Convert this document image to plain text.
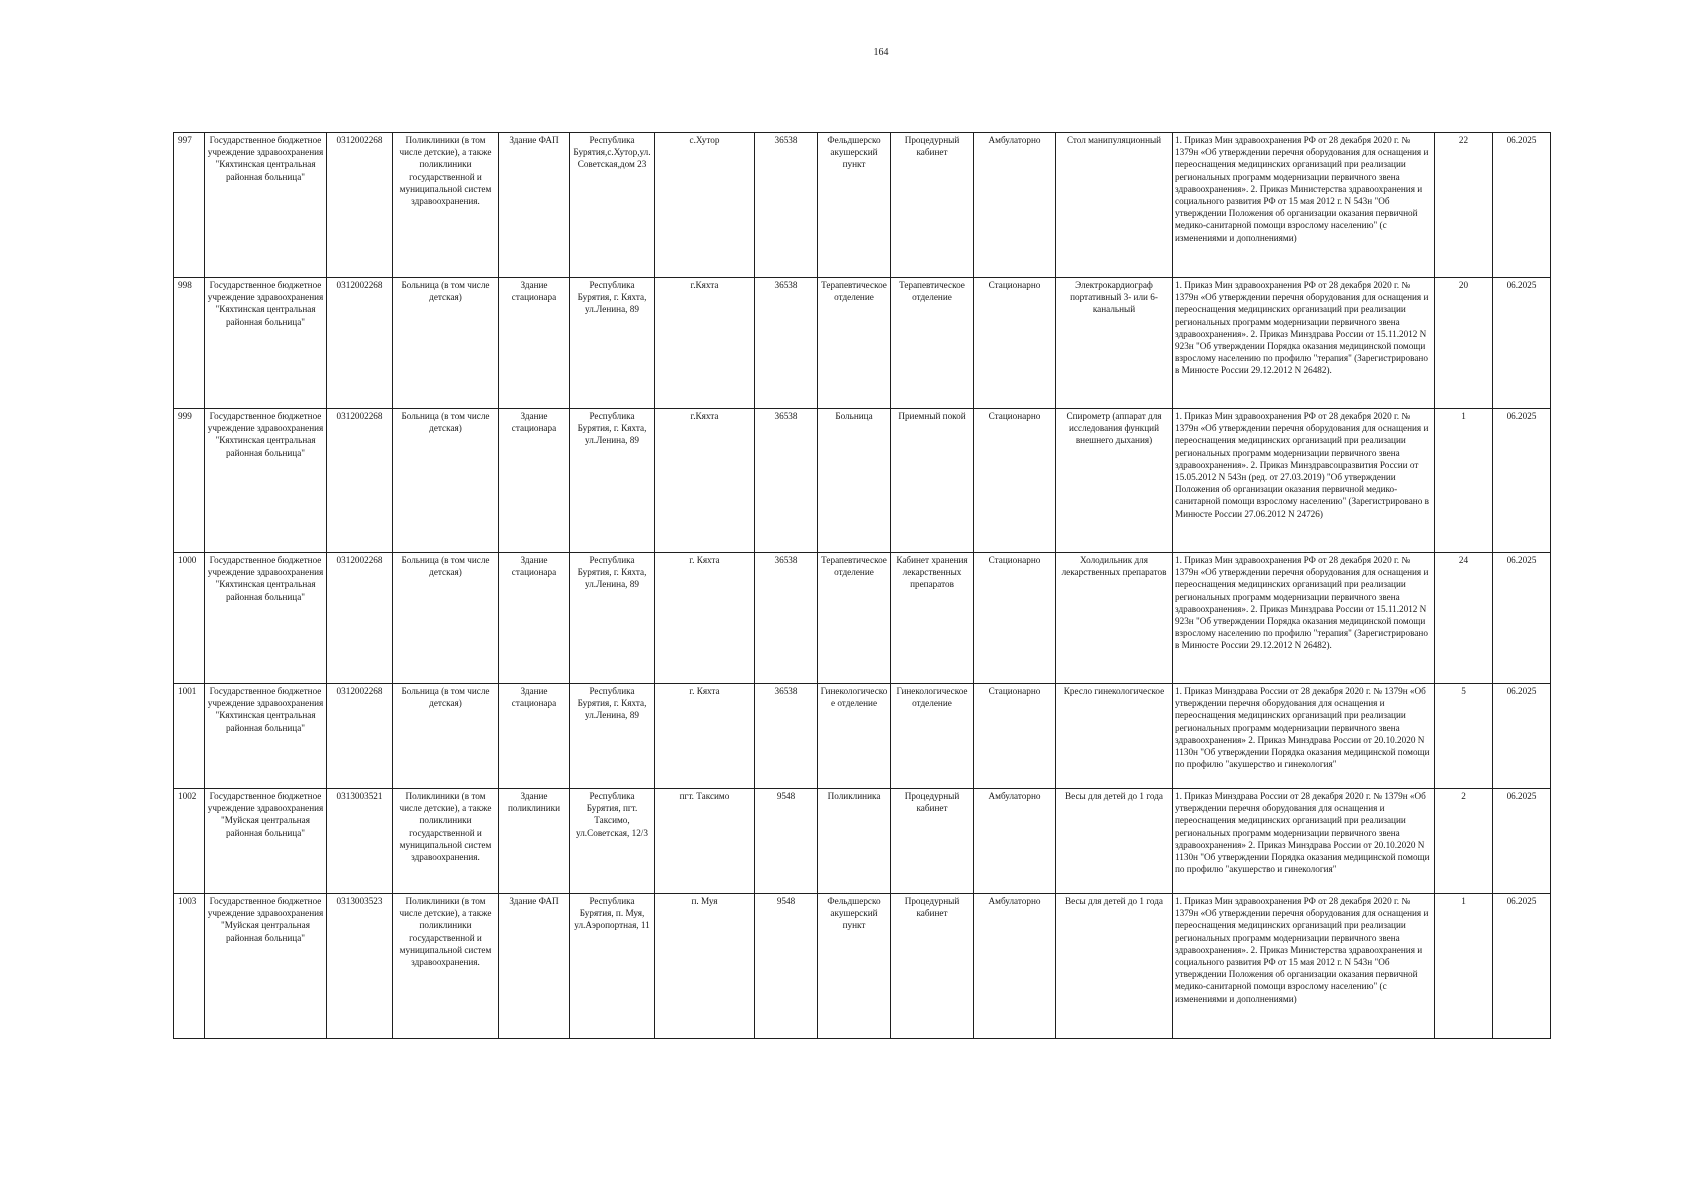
164
997	Государственное бюджетное учреждение здравоохранения "Кяхтинская центральная районная больница"	0312002268	Поликлиники (в том числе детские), а также поликлиники государственной и муниципальной систем здравоохранения.	Здание ФАП	Республика Бурятия,с.Хутор,ул.Советская,дом 23	с.Хутор	36538	Фельдшерско акушерский пункт	Процедурный кабинет	Амбулаторно	Стол манипуляционный	1. Приказ Мин здравоохранения РФ от 28 декабря 2020 г. № 1379н «Об утверждении перечня оборудования для оснащения и переоснащения медицинских организаций при реализации региональных программ модернизации первичного звена здравоохранения». 2. Приказ Министерства здравоохранения и социального развития РФ от 15 мая 2012 г. N 543н "Об утверждении Положения об организации оказания первичной медико-санитарной помощи взрослому населению" (с изменениями и дополнениями)	22	06.2025
998	Государственное бюджетное учреждение здравоохранения "Кяхтинская центральная районная больница"	0312002268	Больница (в том числе детская)	Здание стационара	Республика Бурятия, г. Кяхта, ул.Ленина, 89	г.Кяхта	36538	Терапевтическое отделение	Терапевтическое отделение	Стационарно	Электрокардиограф портативный 3- или 6-канальный	1. Приказ Мин здравоохранения РФ от 28 декабря 2020 г. № 1379н «Об утверждении перечня оборудования для оснащения и переоснащения медицинских организаций при реализации региональных программ модернизации первичного звена здравоохранения». 2. Приказ Минздрава России от 15.11.2012 N 923н "Об утверждении Порядка оказания медицинской помощи взрослому населению по профилю "терапия" (Зарегистрировано в Минюсте России 29.12.2012 N 26482).	20	06.2025
999	Государственное бюджетное учреждение здравоохранения "Кяхтинская центральная районная больница"	0312002268	Больница (в том числе детская)	Здание стационара	Республика Бурятия, г. Кяхта, ул.Ленина, 89	г.Кяхта	36538	Больница	Приемный покой	Стационарно	Спирометр (аппарат для исследования функций внешнего дыхания)	1. Приказ Мин здравоохранения РФ от 28 декабря 2020 г. № 1379н «Об утверждении перечня оборудования для оснащения и переоснащения медицинских организаций при реализации региональных программ модернизации первичного звена здравоохранения». 2. Приказ Минздравсоцразвития России от 15.05.2012 N 543н (ред. от 27.03.2019) "Об утверждении Положения об организации оказания первичной медико-санитарной помощи взрослому населению" (Зарегистрировано в Минюсте России 27.06.2012 N 24726)	1	06.2025
1000	Государственное бюджетное учреждение здравоохранения "Кяхтинская центральная районная больница"	0312002268	Больница (в том числе детская)	Здание стационара	Республика Бурятия, г. Кяхта, ул.Ленина, 89	г. Кяхта	36538	Терапевтическое отделение	Кабинет хранения лекарственных препаратов	Стационарно	Холодильник для лекарственных препаратов	1. Приказ Мин здравоохранения РФ от 28 декабря 2020 г. № 1379н «Об утверждении перечня оборудования для оснащения и переоснащения медицинских организаций при реализации региональных программ модернизации первичного звена здравоохранения». 2. Приказ Минздрава России от 15.11.2012 N 923н "Об утверждении Порядка оказания медицинской помощи взрослому населению по профилю "терапия" (Зарегистрировано в Минюсте России 29.12.2012 N 26482).	24	06.2025
1001	Государственное бюджетное учреждение здравоохранения "Кяхтинская центральная районная больница"	0312002268	Больница (в том числе детская)	Здание стационара	Республика Бурятия, г. Кяхта, ул.Ленина, 89	г. Кяхта	36538	Гинекологическое отделение	Гинекологическое отделение	Стационарно	Кресло гинекологическое	1. Приказ Минздрава России от 28 декабря 2020 г. № 1379н «Об утверждении перечня оборудования для оснащения и переоснащения медицинских организаций при реализации региональных программ модернизации первичного звена здравоохранения» 2. Приказ Минздрава России от 20.10.2020 N 1130н "Об утверждении Порядка оказания медицинской помощи по профилю "акушерство и гинекология"	5	06.2025
1002	Государственное бюджетное учреждение здравоохранения "Муйская центральная районная больница"	0313003521	Поликлиники (в том числе детские), а также поликлиники государственной и муниципальной систем здравоохранения.	Здание поликлиники	Республика Бурятия, пгт. Таксимо, ул.Советская, 12/3	пгт. Таксимо	9548	Поликлиника	Процедурный кабинет	Амбулаторно	Весы для детей до 1 года	1. Приказ Минздрава России от 28 декабря 2020 г. № 1379н «Об утверждении перечня оборудования для оснащения и переоснащения медицинских организаций при реализации региональных программ модернизации первичного звена здравоохранения» 2. Приказ Минздрава России от 20.10.2020 N 1130н "Об утверждении Порядка оказания медицинской помощи по профилю "акушерство и гинекология"	2	06.2025
1003	Государственное бюджетное учреждение здравоохранения "Муйская центральная районная больница"	0313003523	Поликлиники (в том числе детские), а также поликлиники государственной и муниципальной систем здравоохранения.	Здание ФАП	Республика Бурятия, п. Муя, ул.Аэропортная, 11	п. Муя	9548	Фельдшерско акушерский пункт	Процедурный кабинет	Амбулаторно	Весы для детей до 1 года	1. Приказ Мин здравоохранения РФ от 28 декабря 2020 г. № 1379н «Об утверждении перечня оборудования для оснащения и переоснащения медицинских организаций при реализации региональных программ модернизации первичного звена здравоохранения». 2. Приказ Министерства здравоохранения и социального развития РФ от 15 мая 2012 г. N 543н "Об утверждении Положения об организации оказания первичной медико-санитарной помощи взрослому населению" (с изменениями и дополнениями)	1	06.2025
